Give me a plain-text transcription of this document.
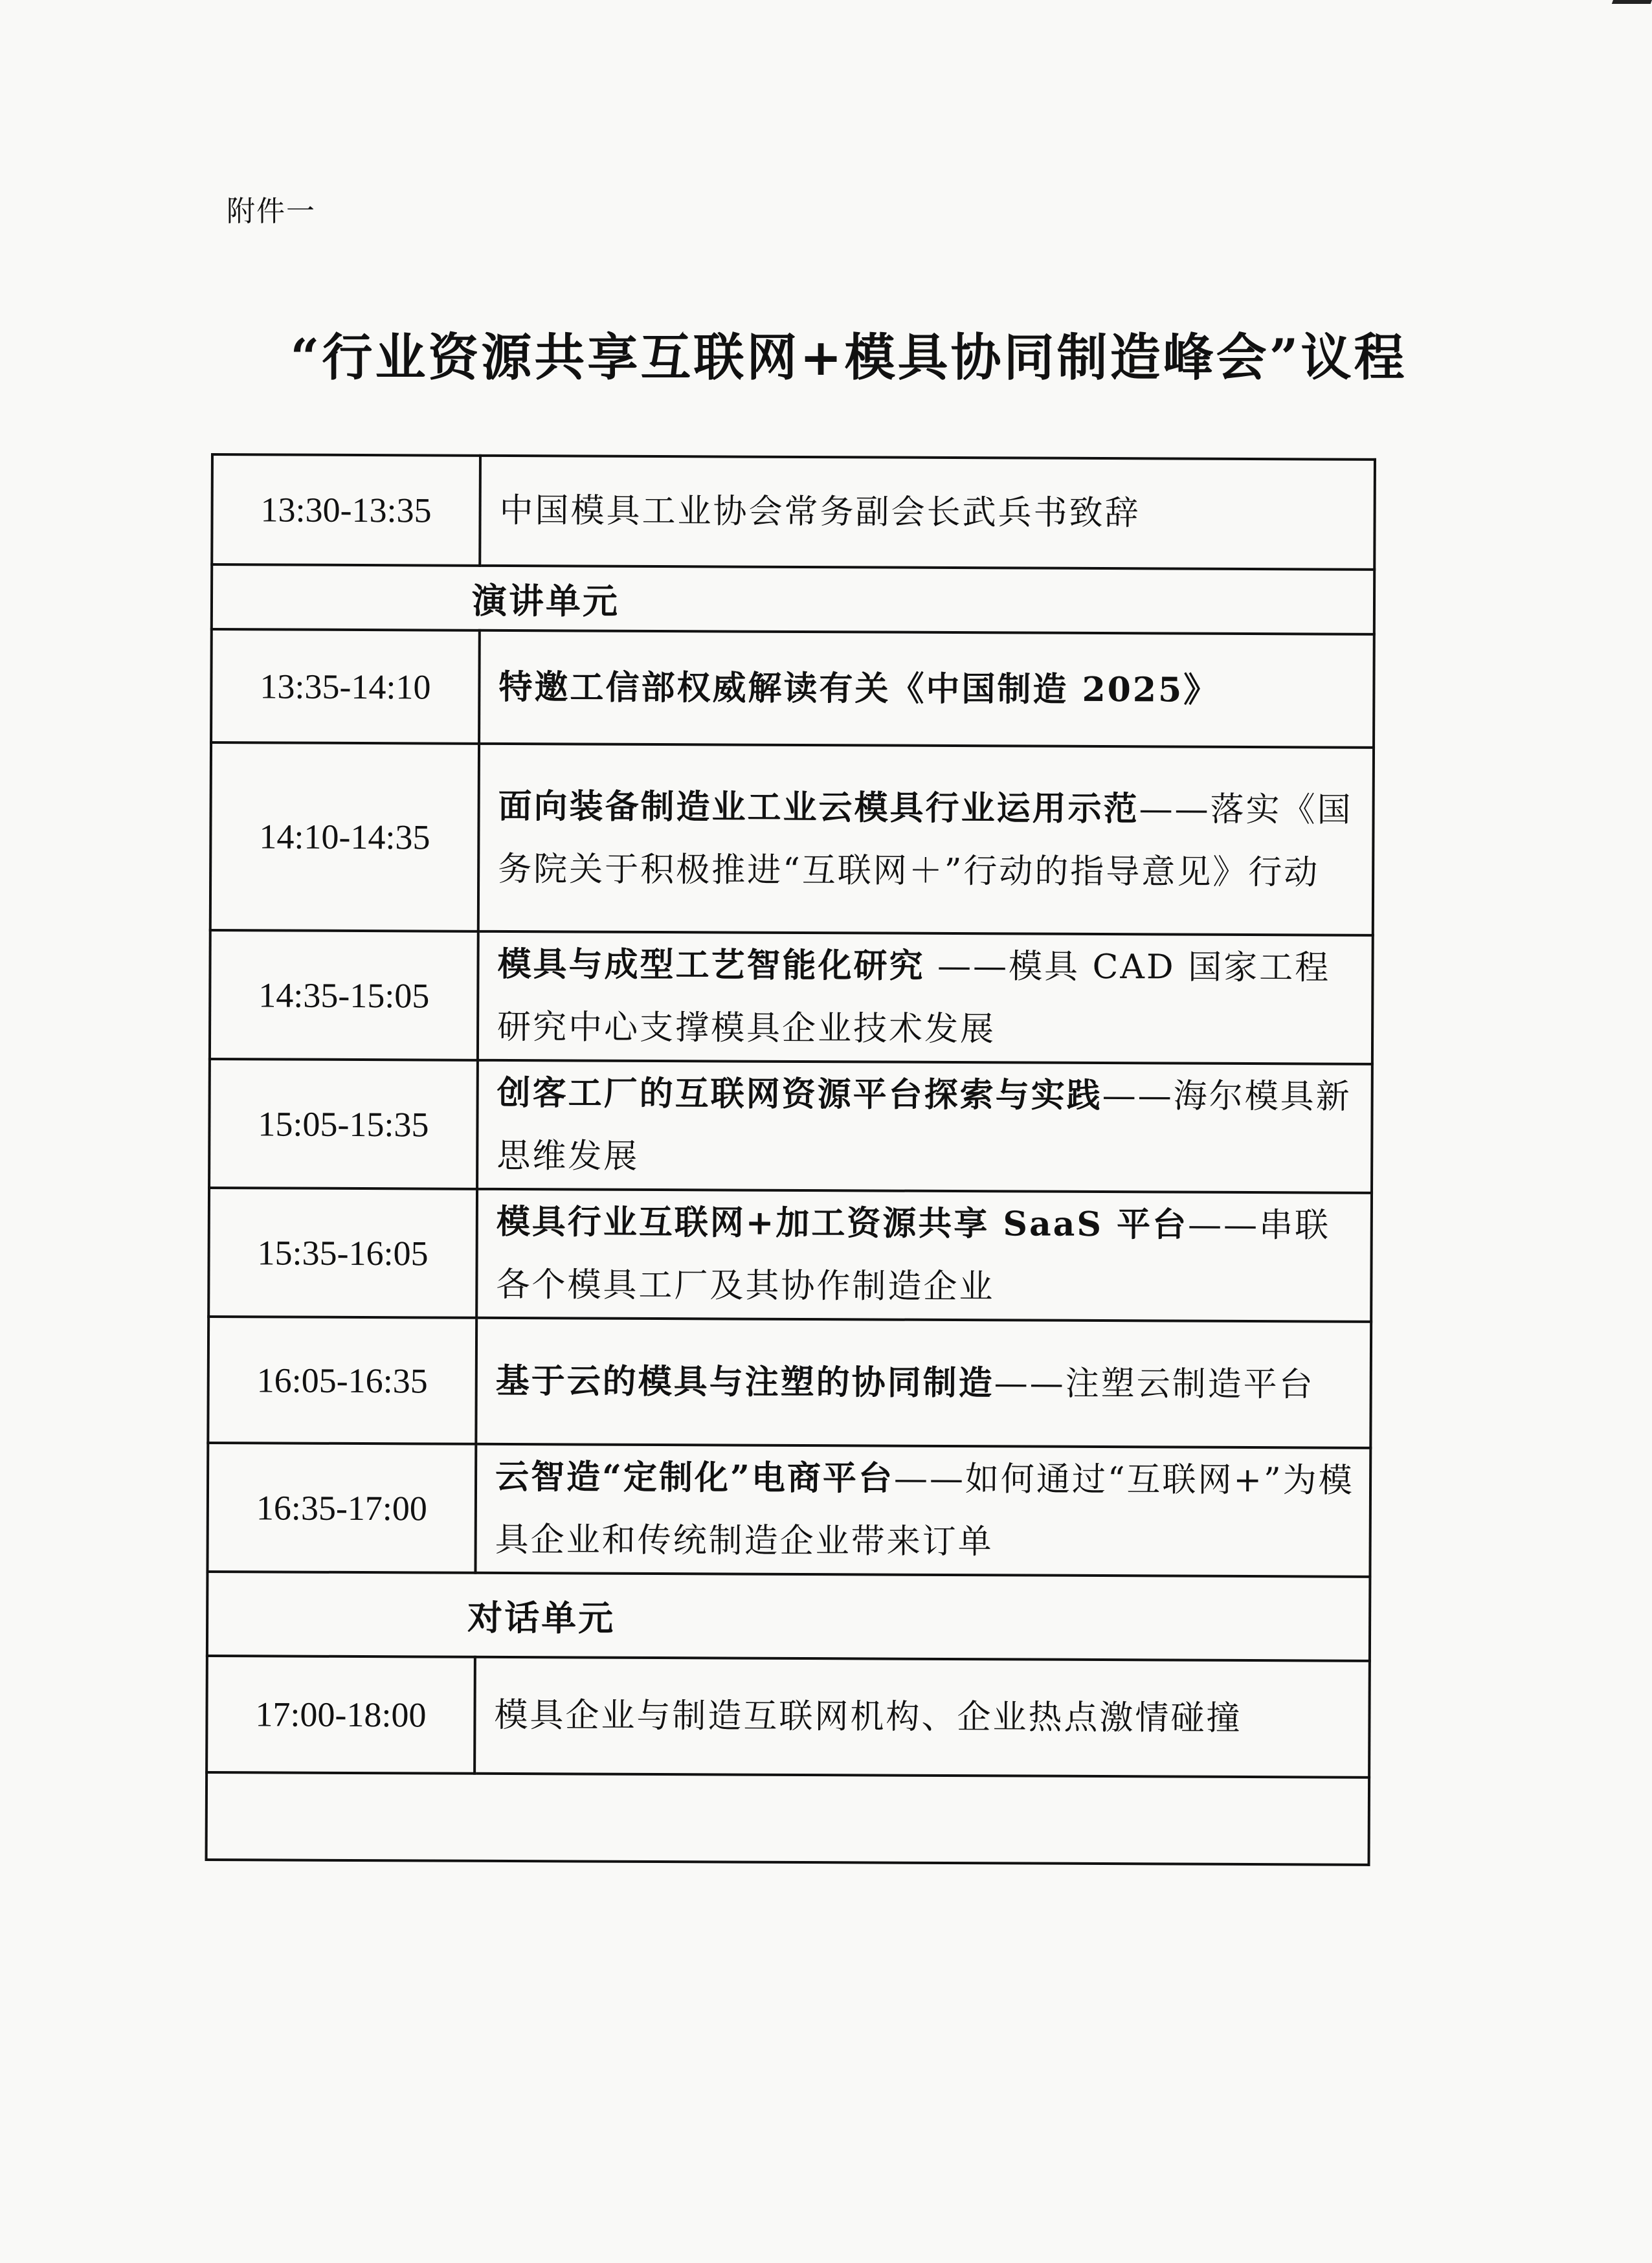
附件一
“行业资源共享互联网+模具协同制造峰会”议程
13:30-13:35	中国模具工业协会常务副会长武兵书致辞
演讲单元	
13:35-14:10	特邀工信部权威解读有关《中国制造 2025》
14:10-14:35	面向装备制造业工业云模具行业运用示范——落实《国务院关于积极推进“互联网＋”行动的指导意见》行动
14:35-15:05	模具与成型工艺智能化研究 ——模具 CAD 国家工程研究中心支撑模具企业技术发展
15:05-15:35	创客工厂的互联网资源平台探索与实践——海尔模具新思维发展
15:35-16:05	模具行业互联网+加工资源共享 SaaS 平台——串联各个模具工厂及其协作制造企业
16:05-16:35	基于云的模具与注塑的协同制造——注塑云制造平台
16:35-17:00	云智造“定制化”电商平台——如何通过“互联网+”为模具企业和传统制造企业带来订单
对话单元	
17:00-18:00	模具企业与制造互联网机构、企业热点激情碰撞
